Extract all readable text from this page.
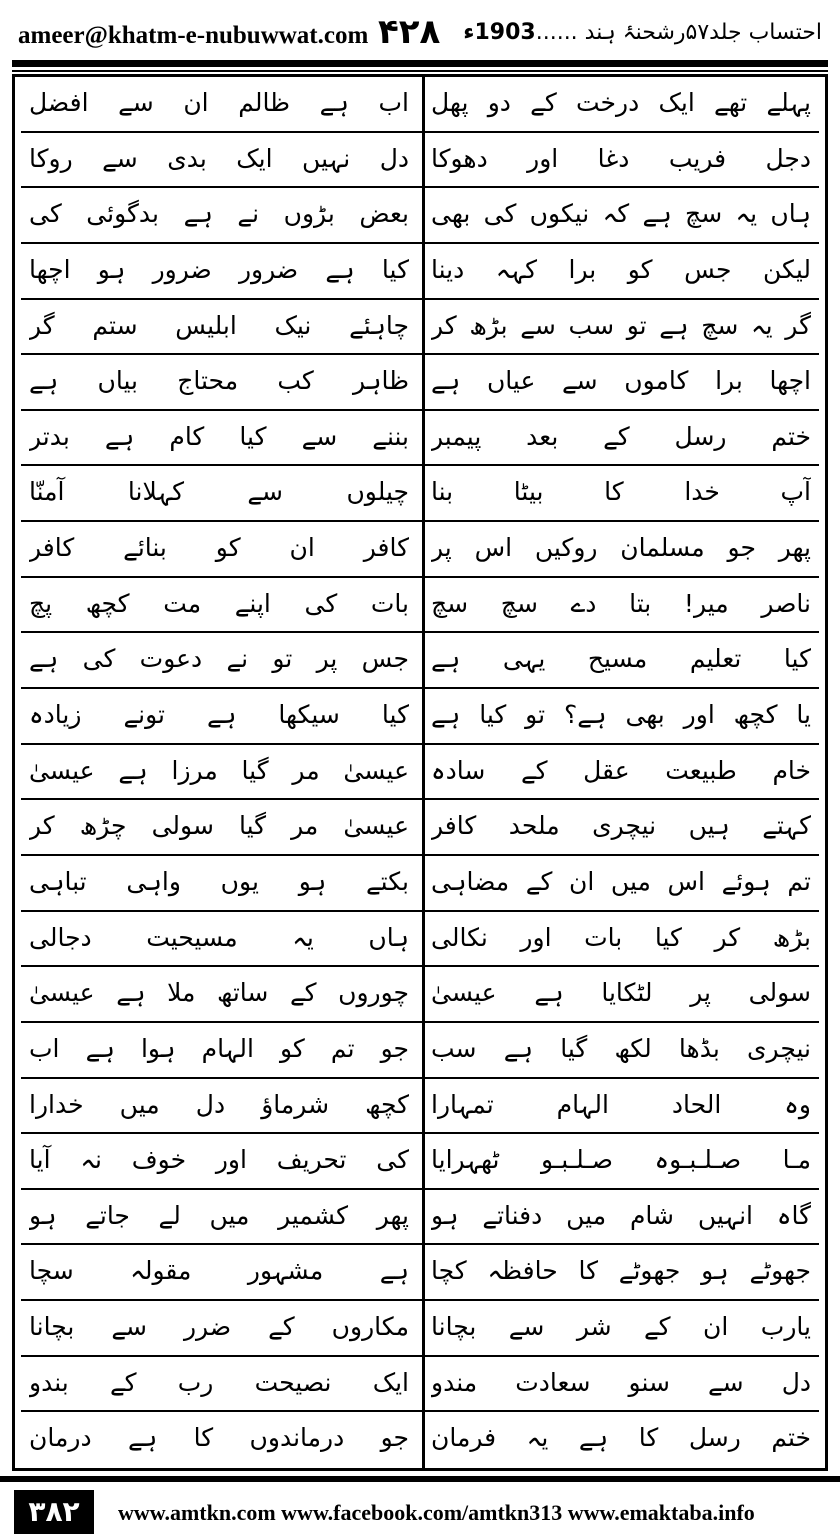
ameer@khatm-e-nubuwwat.com ۴۲۸	احتساب جلد۵۷رشحنۂ ہند ......1903ء
پہلے تھے ایک درخت کے دو پھل
اب ہے ظالم ان سے افضل
دجل فریب دغا اور دھوکا
دل نہیں ایک بدی سے روکا
ہاں یہ سچ ہے کہ نیکوں کی بھی
بعض بڑوں نے ہے بدگوئی کی
لیکن جس کو برا کہہ دینا
کیا ہے ضرور ضرور ہو اچھا
گر یہ سچ ہے تو سب سے بڑھ کر
چاہئے نیک ابلیس ستم گر
اچھا برا کاموں سے عیاں ہے
ظاہر کب محتاج بیاں ہے
ختم رسل کے بعد پیمبر
بننے سے کیا کام ہے بدتر
آپ خدا کا بیٹا بنا
چیلوں سے کہلانا آمنّا
پھر جو مسلمان روکیں اس پر
کافر ان کو بنائے کافر
ناصر میر! بتا دے سچ سچ
بات کی اپنے مت کچھ پچ
کیا تعلیم مسیح یہی ہے
جس پر تو نے دعوت کی ہے
یا کچھ اور بھی ہے؟ تو کیا ہے
کیا سیکھا ہے تونے زیادہ
خام طبیعت عقل کے سادہ
عیسیٰ مر گیا مرزا ہے عیسیٰ
کہتے ہیں نیچری ملحد کافر
عیسیٰ مر گیا سولی چڑھ کر
تم ہوئے اس میں ان کے مضاہی
بکتے ہو یوں واہی تباہی
بڑھ کر کیا بات اور نکالی
ہاں یہ مسیحیت دجالی
سولی پر لٹکایا ہے عیسیٰ
چوروں کے ساتھ ملا ہے عیسیٰ
نیچری بڈھا لکھ گیا ہے سب
جو تم کو الہام ہوا ہے اب
وہ الحاد الہام تمہارا
کچھ شرماؤ دل میں خدارا
مـا صـلـبـوہ صـلـبـو ٹھہرایا
کی تحریف اور خوف نہ آیا
گاہ انہیں شام میں دفناتے ہو
پھر کشمیر میں لے جاتے ہو
جھوٹے ہو جھوٹے کا حافظہ کچا
ہے مشہور مقولہ سچا
یارب ان کے شر سے بچانا
مکاروں کے ضرر سے بچانا
دل سے سنو سعادت مندو
ایک نصیحت رب کے بندو
ختم رسل کا ہے یہ فرمان
جو درماندوں کا ہے درمان
۳۸۲	www.amtkn.com www.facebook.com/amtkn313 www.emaktaba.info
